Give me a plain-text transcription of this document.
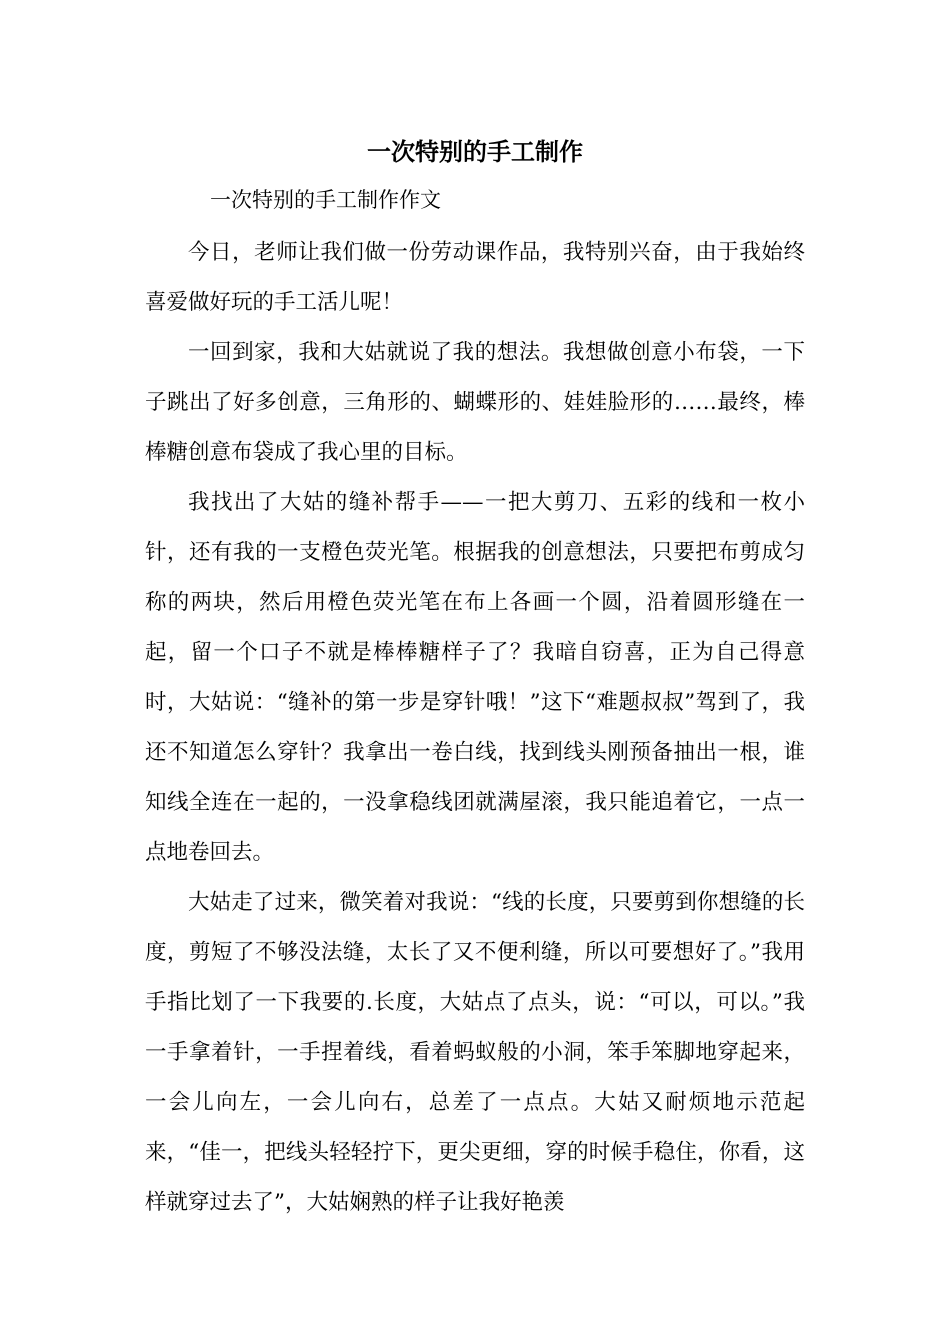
一次特别的手工制作
一次特别的手工制作作文

今日，老师让我们做一份劳动课作品，我特别兴奋，由于我始终喜爱做好玩的手工活儿呢！

一回到家，我和大姑就说了我的想法。我想做创意小布袋，一下子跳出了好多创意，三角形的、蝴蝶形的、娃娃脸形的……最终，棒棒糖创意布袋成了我心里的目标。

我找出了大姑的缝补帮手——一把大剪刀、五彩的线和一枚小针，还有我的一支橙色荧光笔。根据我的创意想法，只要把布剪成匀称的两块，然后用橙色荧光笔在布上各画一个圆，沿着圆形缝在一起，留一个口子不就是棒棒糖样子了？我暗自窃喜，正为自己得意时，大姑说：“缝补的第一步是穿针哦！”这下“难题叔叔”驾到了，我还不知道怎么穿针？我拿出一卷白线，找到线头刚预备抽出一根，谁知线全连在一起的，一没拿稳线团就满屋滚，我只能追着它，一点一点地卷回去。

大姑走了过来，微笑着对我说：“线的长度，只要剪到你想缝的长度，剪短了不够没法缝，太长了又不便利缝，所以可要想好了。”我用手指比划了一下我要的.长度，大姑点了点头，说：“可以，可以。”我一手拿着针，一手捏着线，看着蚂蚁般的小洞，笨手笨脚地穿起来，一会儿向左，一会儿向右，总差了一点点。大姑又耐烦地示范起来，“佳一，把线头轻轻拧下，更尖更细，穿的时候手稳住，你看，这样就穿过去了”，大姑娴熟的样子让我好艳羡
